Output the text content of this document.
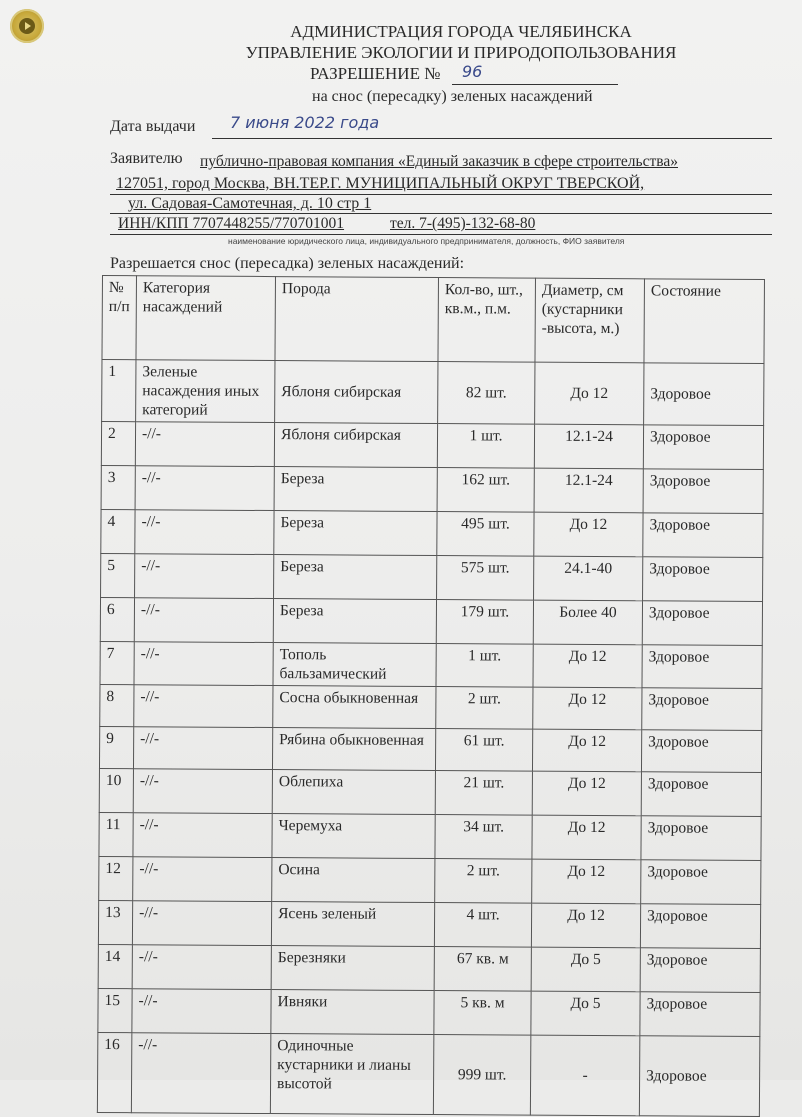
АДМИНИСТРАЦИЯ ГОРОДА ЧЕЛЯБИНСКА
УПРАВЛЕНИЕ ЭКОЛОГИИ И ПРИРОДОПОЛЬЗОВАНИЯ
РАЗРЕШЕНИЕ № 96
на снос (пересадку) зеленых насаждений
Дата выдачи 7 июня 2022 года
Заявителю публично-правовая компания «Единый заказчик в сфере строительства»
127051, город Москва, ВН.ТЕР.Г. МУНИЦИПАЛЬНЫЙ ОКРУГ ТВЕРСКОЙ,
ул. Садовая-Самотечная, д. 10 стр 1
ИНН/КПП 7707448255/770701001	тел. 7-(495)-132-68-80
наименование юридического лица, индивидуального предпринимателя, должность, ФИО заявителя
Разрешается снос (пересадка) зеленых насаждений:
№ п/п	Категория насаждений	Порода	Кол-во, шт., кв.м., п.м.	Диаметр, см (кустарники -высота, м.)	Состояние
1	Зеленые насаждения иных категорий	Яблоня сибирская	82 шт.	До 12	Здоровое
2	-//-	Яблоня сибирская	1 шт.	12.1-24	Здоровое
3	-//-	Береза	162 шт.	12.1-24	Здоровое
4	-//-	Береза	495 шт.	До 12	Здоровое
5	-//-	Береза	575 шт.	24.1-40	Здоровое
6	-//-	Береза	179 шт.	Более 40	Здоровое
7	-//-	Тополь бальзамический	1 шт.	До 12	Здоровое
8	-//-	Сосна обыкновенная	2 шт.	До 12	Здоровое
9	-//-	Рябина обыкновенная	61 шт.	До 12	Здоровое
10	-//-	Облепиха	21 шт.	До 12	Здоровое
11	-//-	Черемуха	34 шт.	До 12	Здоровое
12	-//-	Осина	2 шт.	До 12	Здоровое
13	-//-	Ясень зеленый	4 шт.	До 12	Здоровое
14	-//-	Березняки	67 кв. м	До 5	Здоровое
15	-//-	Ивняки	5 кв. м	До 5	Здоровое
16	-//-	Одиночные кустарники и лианы высотой	999 шт.	-	Здоровое
